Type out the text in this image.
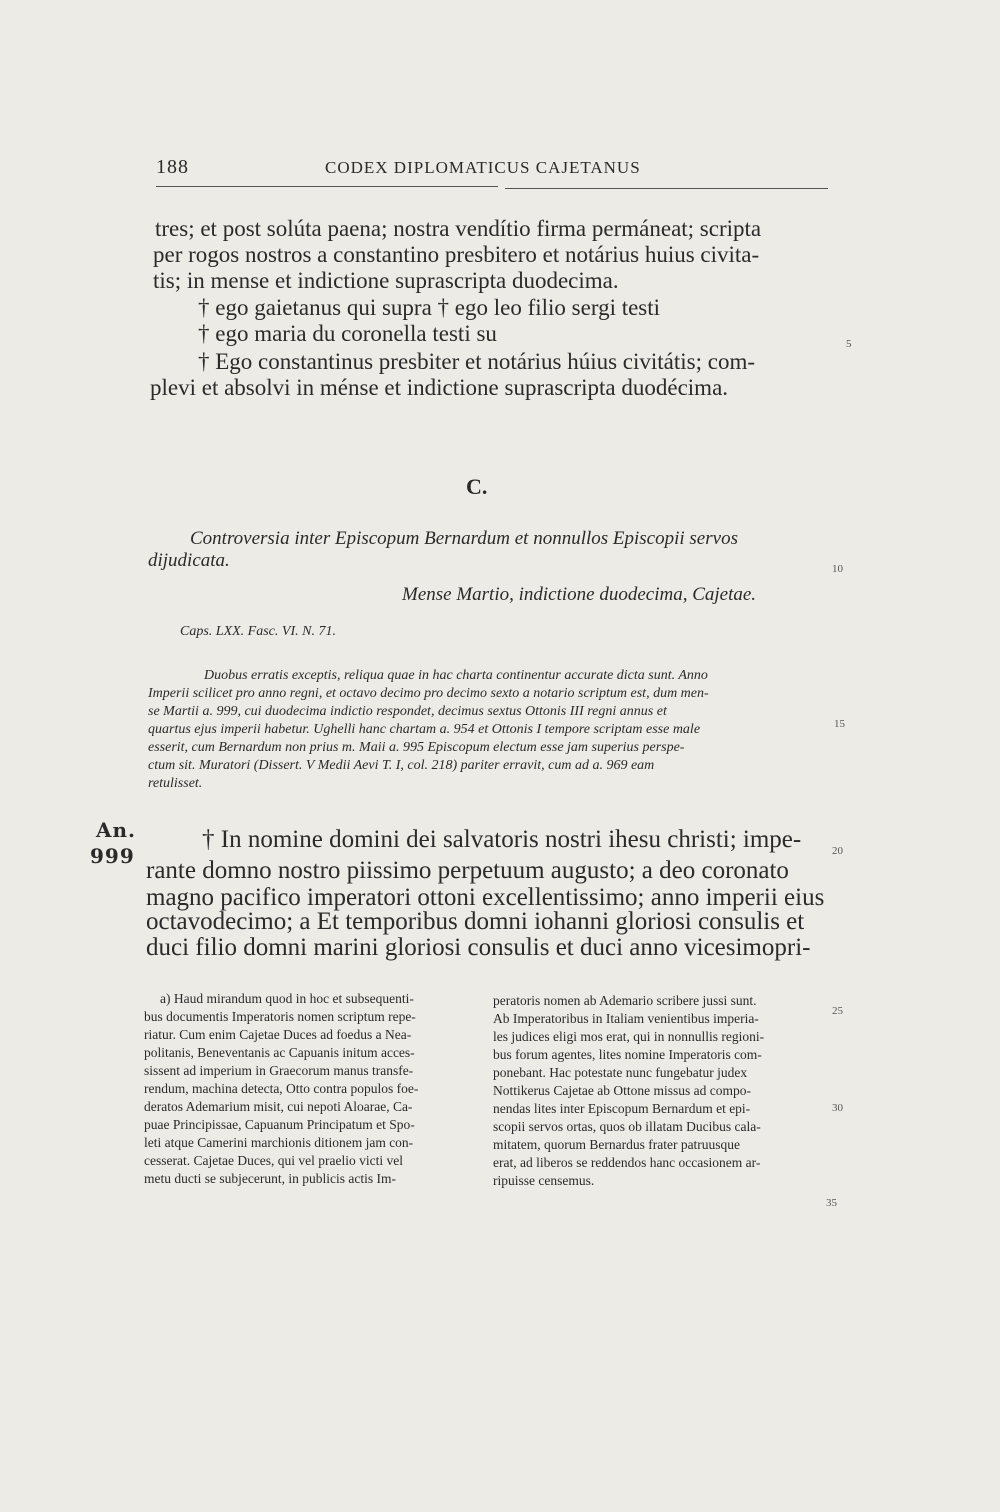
188	CODEX DIPLOMATICUS CAJETANUS
tres; et post solúta paena; nostra vendítio firma permáneat; scripta
per rogos nostros a constantino presbitero et notárius huius civita-
tis; in mense et indictione suprascripta duodecima.
† ego gaietanus qui supra † ego leo filio sergi testi
† ego maria du coronella testi su
† Ego constantinus presbiter et notárius húius civitátis; com-
plevi et absolvi in ménse et indictione suprascripta duodécima.
C.
Controversia inter Episcopum Bernardum et nonnullos Episcopii servos
dijudicata.
Mense Martio, indictione duodecima, Cajetae.
Caps. LXX. Fasc. VI. N. 71.
Duobus erratis exceptis, reliqua quae in hac charta continentur accurate dicta sunt. Anno
Imperii scilicet pro anno regni, et octavo decimo pro decimo sexto a notario scriptum est, dum men-
se Martii a. 999, cui duodecima indictio respondet, decimus sextus Ottonis III regni annus et
quartus ejus imperii habetur. Ughelli hanc chartam a. 954 et Ottonis I tempore scriptam esse male
esserit, cum Bernardum non prius m. Maii a. 995 Episcopum electum esse jam superius perspe-
ctum sit. Muratori (Dissert. V Medii Aevi T. I, col. 218) pariter erravit, cum ad a. 969 eam
retulisset.
An.
999
† In nomine domini dei salvatoris nostri ihesu christi; impe-
rante domno nostro piissimo perpetuum augusto; a deo coronato
magno pacifico imperatori ottoni excellentissimo; anno imperii eius
octavodecimo; a Et temporibus domni iohanni gloriosi consulis et
duci filio domni marini gloriosi consulis et duci anno vicesimopri-
a) Haud mirandum quod in hoc et subsequenti-
bus documentis Imperatoris nomen scriptum repe-
riatur. Cum enim Cajetae Duces ad foedus a Nea-
politanis, Beneventanis ac Capuanis initum acces-
sissent ad imperium in Graecorum manus transfe-
rendum, machina detecta, Otto contra populos foe-
deratos Ademarium misit, cui nepoti Aloarae, Ca-
puae Principissae, Capuanum Principatum et Spo-
leti atque Camerini marchionis ditionem jam con-
cesserat. Cajetae Duces, qui vel praelio victi vel
metu ducti se subjecerunt, in publicis actis Im-
peratoris nomen ab Ademario scribere jussi sunt.
Ab Imperatoribus in Italiam venientibus imperia-
les judices eligi mos erat, qui in nonnullis regioni-
bus forum agentes, lites nomine Imperatoris com-
ponebant. Hac potestate nunc fungebatur judex
Nottikerus Cajetae ab Ottone missus ad compo-
nendas lites inter Episcopum Bernardum et epi-
scopii servos ortas, quos ob illatam Ducibus cala-
mitatem, quorum Bernardus frater patruusque
erat, ad liberos se reddendos hanc occasionem ar-
ripuisse censemus.
5
10
15
20
25
30
35
